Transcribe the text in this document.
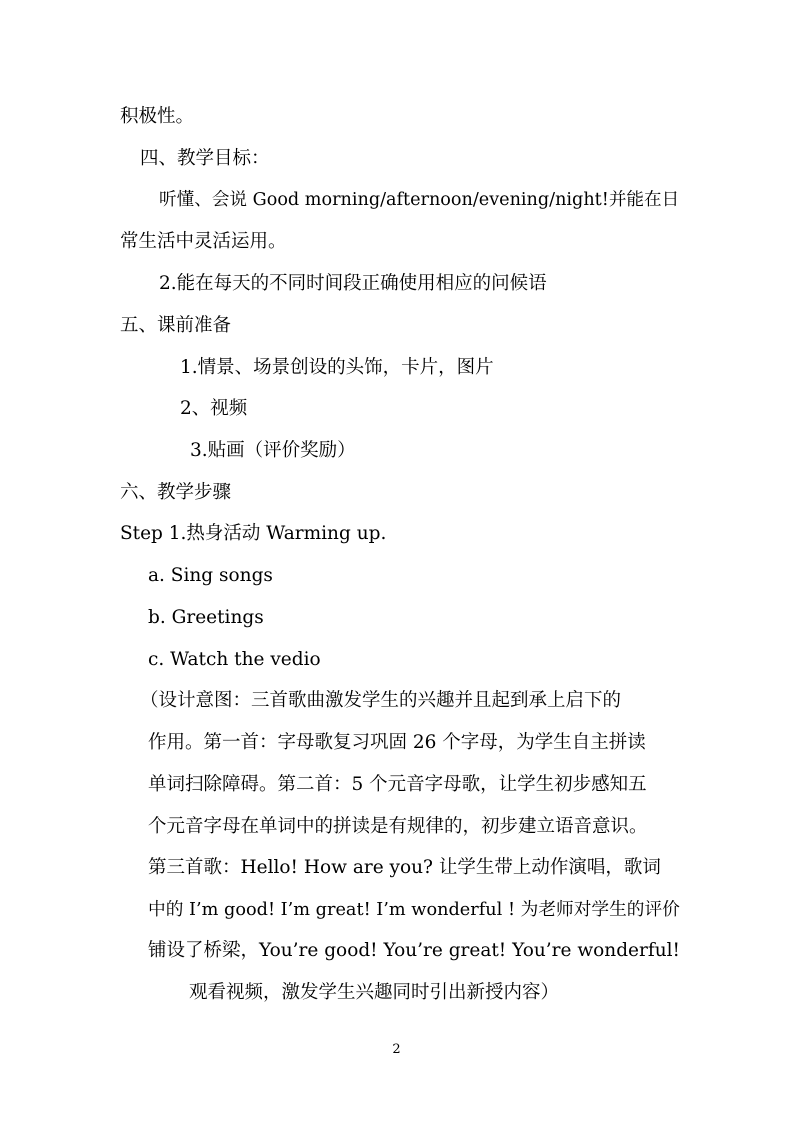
积极性。

四、教学目标：

听懂、会说 Good morning/afternoon/evening/night!并能在日

常生活中灵活运用。

2.能在每天的不同时间段正确使用相应的问候语

五、课前准备

1.情景、场景创设的头饰，卡片，图片

2、视频

3.贴画（评价奖励）

六、教学步骤

Step 1.热身活动 Warming up.

a. Sing songs

b. Greetings

c. Watch the vedio

（设计意图：三首歌曲激发学生的兴趣并且起到承上启下的

作用。第一首：字母歌复习巩固 26 个字母，为学生自主拼读

单词扫除障碍。第二首：5 个元音字母歌，让学生初步感知五

个元音字母在单词中的拼读是有规律的，初步建立语音意识。

第三首歌：Hello! How are you? 让学生带上动作演唱，歌词

中的 I’m good! I’m great! I’m wonderful ! 为老师对学生的评价

铺设了桥梁，You’re good! You’re great! You’re wonderful!

观看视频，激发学生兴趣同时引出新授内容）

2
